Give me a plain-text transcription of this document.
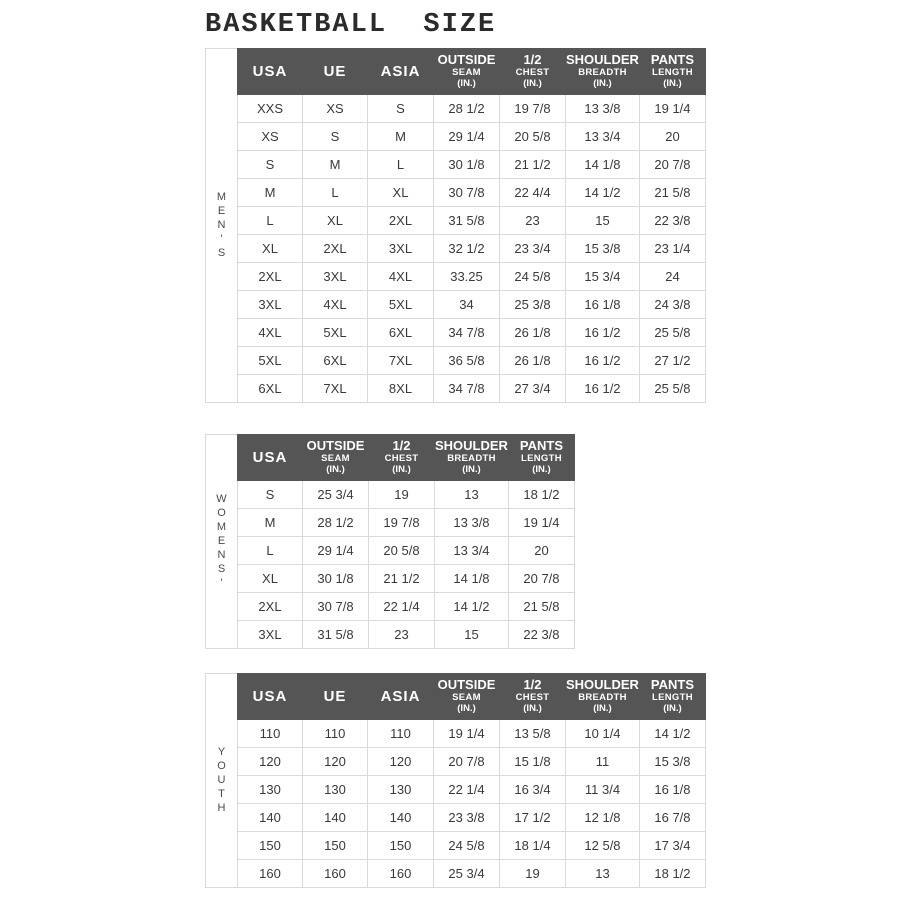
BASKETBALL  SIZE
MEN'S
USA	UE	ASIA	OUTSIDE
SEAM
(IN.)	1/2
CHEST
(IN.)	SHOULDER
BREADTH
(IN.)	PANTS
LENGTH
(IN.)

XXS	XS	S	28 1/2	19 7/8	13 3/8	19 1/4
XS	S	M	29 1/4	20 5/8	13 3/4	20
S	M	L	30 1/8	21 1/2	14 1/8	20 7/8
M	L	XL	30 7/8	22 4/4	14 1/2	21 5/8
L	XL	2XL	31 5/8	23	15	22 3/8
XL	2XL	3XL	32 1/2	23 3/4	15 3/8	23 1/4
2XL	3XL	4XL	33.25	24 5/8	15 3/4	24
3XL	4XL	5XL	34	25 3/8	16 1/8	24 3/8
4XL	5XL	6XL	34 7/8	26 1/8	16 1/2	25 5/8
5XL	6XL	7XL	36 5/8	26 1/8	16 1/2	27 1/2
6XL	7XL	8XL	34 7/8	27 3/4	16 1/2	25 5/8
WOMENS'
USA	OUTSIDE
SEAM
(IN.)	1/2
CHEST
(IN.)	SHOULDER
BREADTH
(IN.)	PANTS
LENGTH
(IN.)

S	25 3/4	19	13	18 1/2
M	28 1/2	19 7/8	13 3/8	19 1/4
L	29 1/4	20 5/8	13 3/4	20
XL	30 1/8	21 1/2	14 1/8	20 7/8
2XL	30 7/8	22 1/4	14 1/2	21 5/8
3XL	31 5/8	23	15	22 3/8
YOUTH
USA	UE	ASIA	OUTSIDE
SEAM
(IN.)	1/2
CHEST
(IN.)	SHOULDER
BREADTH
(IN.)	PANTS
LENGTH
(IN.)

110	110	110	19 1/4	13 5/8	10 1/4	14 1/2
120	120	120	20 7/8	15 1/8	11	15 3/8
130	130	130	22 1/4	16 3/4	11 3/4	16 1/8
140	140	140	23 3/8	17 1/2	12 1/8	16 7/8
150	150	150	24 5/8	18 1/4	12 5/8	17 3/4
160	160	160	25 3/4	19	13	18 1/2
